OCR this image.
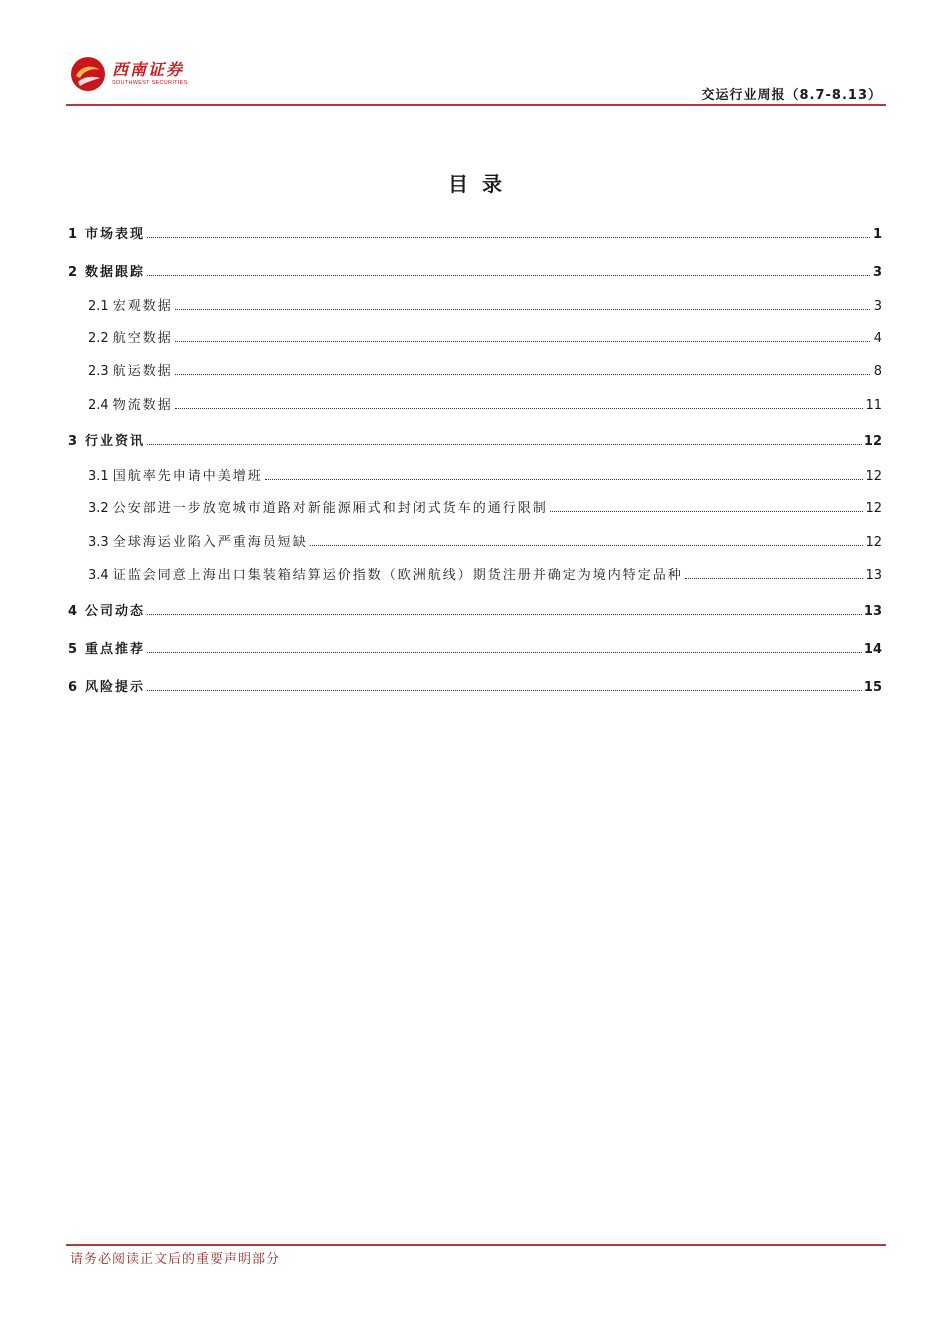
西南证券
SOUTHWEST SECURITIES
交运行业周报（8.7-8.13）
目录
1 市场表现	1
2 数据跟踪	3
2.1 宏观数据	3
2.2 航空数据	4
2.3 航运数据	8
2.4 物流数据	11
3 行业资讯	12
3.1 国航率先申请中美增班	12
3.2 公安部进一步放宽城市道路对新能源厢式和封闭式货车的通行限制	12
3.3 全球海运业陷入严重海员短缺	12
3.4 证监会同意上海出口集装箱结算运价指数（欧洲航线）期货注册并确定为境内特定品种	13
4 公司动态	13
5 重点推荐	14
6 风险提示	15
请务必阅读正文后的重要声明部分
